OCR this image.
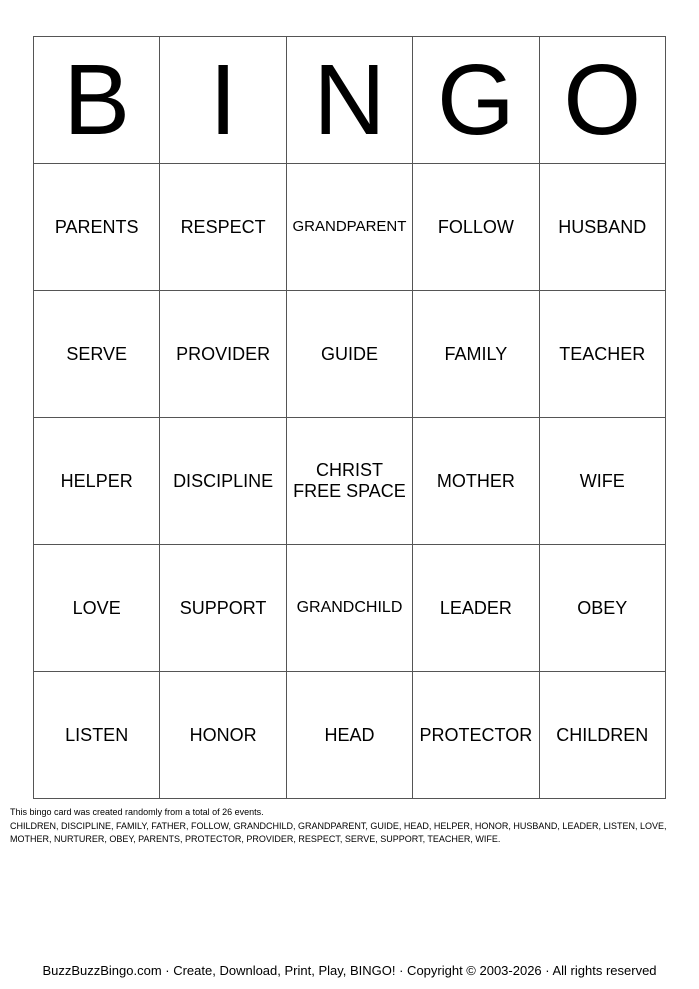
B	I	N	G	O

PARENTS	RESPECT	GRANDPARENT	FOLLOW	HUSBAND

SERVE	PROVIDER	GUIDE	FAMILY	TEACHER

HELPER	DISCIPLINE	CHRIST FREE SPACE	MOTHER	WIFE

LOVE	SUPPORT	GRANDCHILD	LEADER	OBEY

LISTEN	HONOR	HEAD	PROTECTOR	CHILDREN
This bingo card was created randomly from a total of 26 events.
CHILDREN, DISCIPLINE, FAMILY, FATHER, FOLLOW, GRANDCHILD, GRANDPARENT, GUIDE, HEAD, HELPER, HONOR, HUSBAND, LEADER, LISTEN, LOVE, MOTHER, NURTURER, OBEY, PARENTS, PROTECTOR, PROVIDER, RESPECT, SERVE, SUPPORT, TEACHER, WIFE.
BuzzBuzzBingo.com · Create, Download, Print, Play, BINGO! · Copyright © 2003-2026 · All rights reserved
